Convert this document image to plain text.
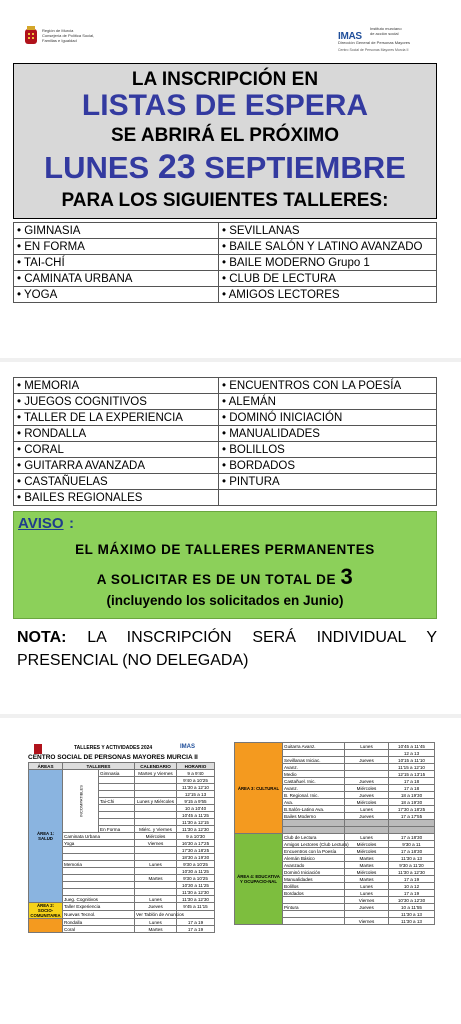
Región de Murcia
Consejería de Política Social,
Familias e Igualdad	IMAS
Instituto murciano
de acción social
Dirección General de Personas Mayores
Centro Social de Personas Mayores Murcia II
LA INSCRIPCIÓN EN
LISTAS DE ESPERA
SE ABRIRÁ EL PRÓXIMO
LUNES 23 SEPTIEMBRE
PARA LOS SIGUIENTES TALLERES:
• GIMNASIA	• SEVILLANAS
• EN FORMA	• BAILE SALÓN Y LATINO AVANZADO
• TAI-CHÍ	• BAILE MODERNO Grupo 1
• CAMINATA URBANA	• CLUB DE LECTURA
• YOGA	• AMIGOS LECTORES
• MEMORIA	• ENCUENTROS CON LA POESÍA
• JUEGOS COGNITIVOS	• ALEMÁN
• TALLER DE LA EXPERIENCIA	• DOMINÓ INICIACIÓN
• RONDALLA	• MANUALIDADES
• CORAL	• BOLILLOS
• GUITARRA AVANZADA	• BORDADOS
• CASTAÑUELAS	• PINTURA
• BAILES REGIONALES	
AVISO :
EL MÁXIMO DE TALLERES PERMANENTES
A SOLICITAR ES DE UN TOTAL DE 3
(incluyendo los solicitados en Junio)
NOTA: LA INSCRIPCIÓN SERÁ INDIVIDUAL Y PRESENCIAL (NO DELEGADA)
TALLERES Y ACTIVIDADES 2024	IMAS
CENTRO SOCIAL DE PERSONAS MAYORES MURCIA II
ÁREAS	TALLERES		CALENDARIO	HORARIO
ÁREA 1: SALUD	INCOMPATIBLES	Gimnasia	Martes y Viernes	9 a 9'40
				9'40 a 10'25
				11'30 a 12'10
				12'15 a 13
		Tai-Chi	Lunes y Miércoles	9'15 a 9'55
				10 a 10'40
				10'45 a 11'25
				11'30 a 12'15
		En Forma	Miérc. y Viernes	11'30 a 12'30
	Caminata Urbana		Miércoles	9 a 10'30
	Yoga		Viernes	16'30 a 17'25
				17'30 a 18'25
				18'30 a 19'30
	Memoria		Lunes	9'30 a 10'25
				10'30 a 11'25
			Martes	9'30 a 10'25
				10'30 a 11'25
				11'30 a 12'30
	Jueg. Cognitivos		Lunes	11'30 a 12'30
ÁREA 2: SOCIO-COMUNITARIA	Taller Experiencia		Jueves	9'45 a 11'15
	Nuevas Tecnol.		Ver Tablón de Anuncios	
	Rondalla		Lunes	17 a 19
	Coral		Martes	17 a 19
ÁREA 3: CULTURAL	Guitarra Avanz.	Lunes	10'45 a 11'45
			12 a 13
	Sevillanas Iniciac.	Jueves	10'15 a 11'10
	Avanz.		11'15 a 12'10
	Medio		12'15 a 13'15
	Castañuel. Inic.	Jueves	17 a 18
	Avanz.	Miércoles	17 a 18
	B. Regional. Inic.	Jueves	18 a 19'30
	Ava.	Miércoles	18 a 19'30
	B.Salón-Latino Ava.	Lunes	17'30 a 18'25
	Bailes Moderno	Jueves	17 a 17'55

ÁREA 4: EDUCATIVA Y OCUPACIO-NAL	Club de Lectura	Lunes	17 a 18'30
	Amigos Lectores (Club Lectura)	Miércoles	9'30 a 11
	Encuentros con la Poesía	Miércoles	17 a 18'30
	Alemán Básico	Martes	11'30 a 13
	Avanzado	Martes	9'30 a 11'20
	Dominó Iniciación	Miércoles	11'30 a 12'30
	Manualidades	Martes	17 a 19
	Bolillos	Lunes	10 a 12
	Bordados	Lunes	17 a 19
		Viernes	10'30 a 12'30
	Pintura	Jueves	10 a 11'55
			11'30 a 13
		Viernes	11'30 a 13
